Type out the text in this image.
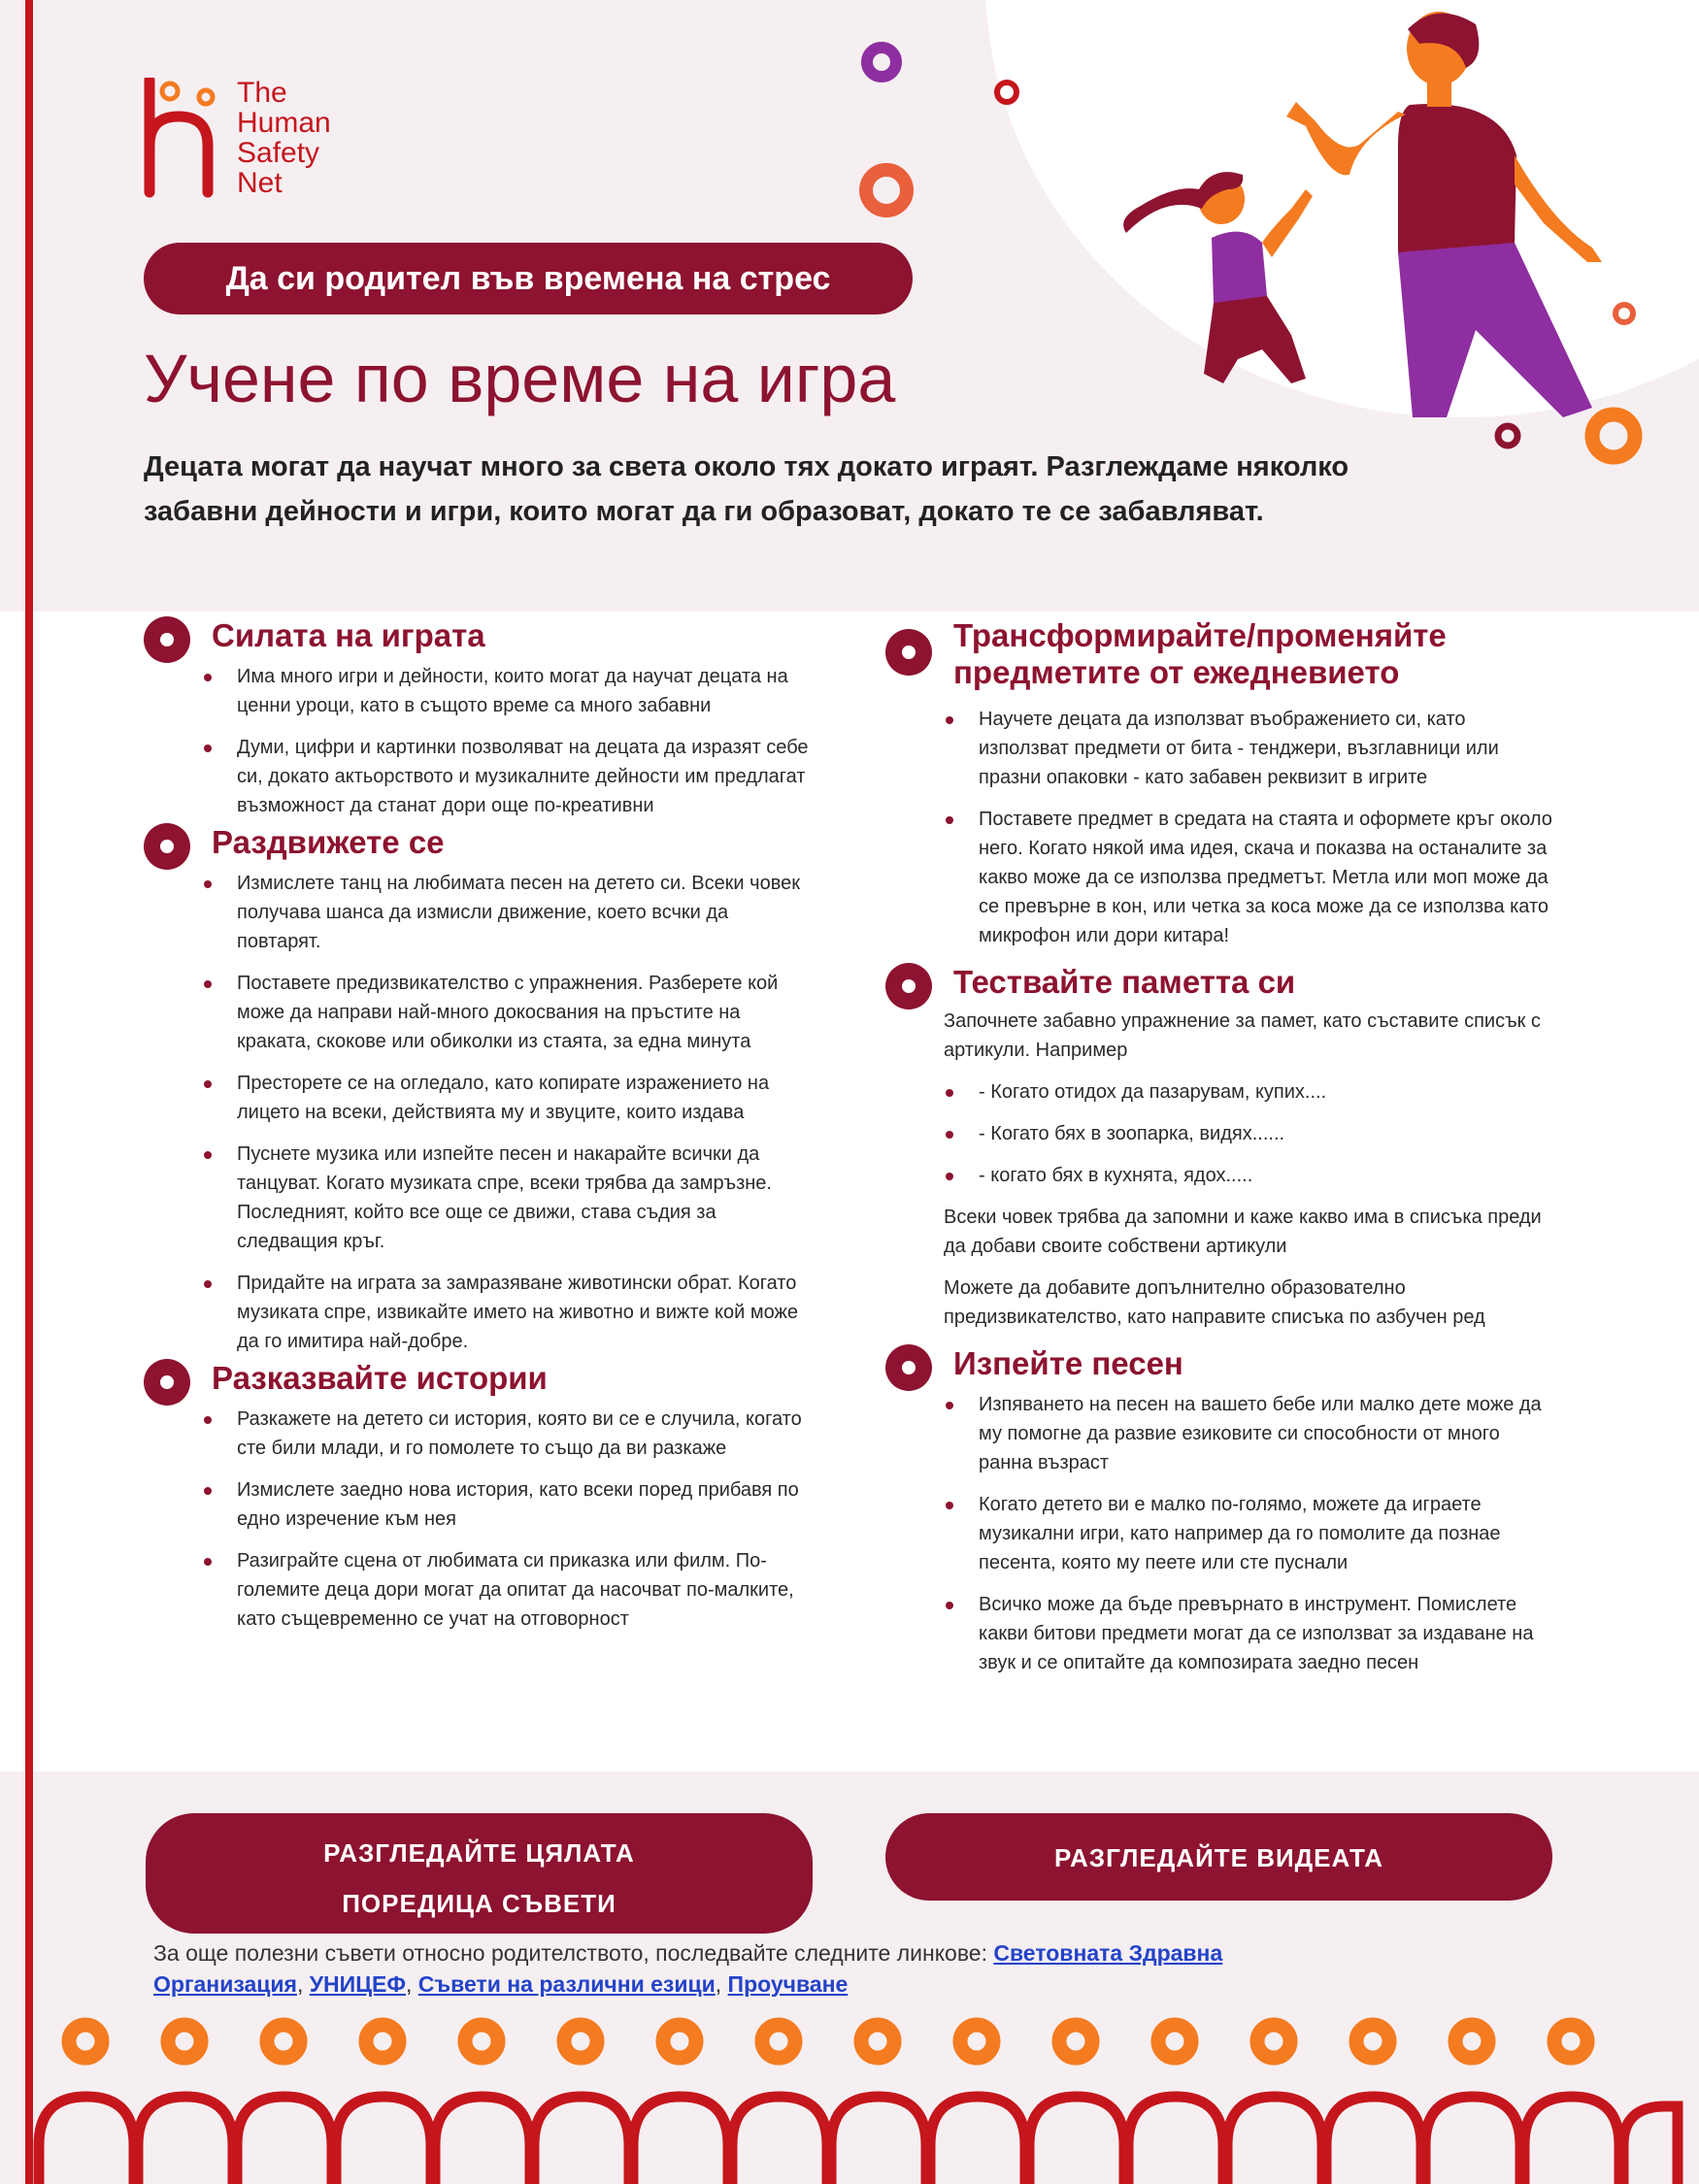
The
Human
Safety
Net
Да си родител във времена на стрес
Учене по време на игра

Децата могат да научат много за света около тях докато играят. Разглеждаме няколко забавни дейности и игри, които могат да ги образоват, докато те се забавляват.

Силата на играта
Има много игри и дейности, които могат да научат децата на ценни уроци, като в същото време са много забавни
Думи, цифри и картинки позволяват на децата да изразят себе си, докато актьорството и музикалните дейности им предлагат възможност да станат дори още по-креативни
Раздвижете се
Измислете танц на любимата песен на детето си. Всеки човек получава шанса да измисли движение, което всчки да повтарят.
Поставете предизвикателство с упражнения. Разберете кой може да направи най-много докосвания на пръстите на краката, скокове или обиколки из стаята, за една минута
Престорете се на огледало, като копирате изражението на лицето на всеки, действията му и звуците, които издава
Пуснете музика или изпейте песен и накарайте всички да танцуват. Когато музиката спре, всеки трябва да замръзне. Последният, който все още се движи, става съдия за следващия кръг.
Придайте на играта за замразяване животински обрат. Когато музиката спре, извикайте името на животно и вижте кой може да го имитира най-добре.
Разказвайте истории
Разкажете на детето си история, която ви се е случила, когато сте били млади, и го помолете то също да ви разкаже
Измислете заедно нова история, като всеки поред прибавя по едно изречение към нея
Разиграйте сцена от любимата си приказка или филм. По-големите деца дори могат да опитат да насочват по-малките, като същевременно се учат на отговорност
Трансформирайте/променяйте предметите от ежедневието
Научете децата да използват въображението си, като използват предмети от бита - тенджери, възглавници или празни опаковки - като забавен реквизит в игрите
Поставете предмет в средата на стаята и оформете кръг около него. Когато някой има идея, скача и показва на останалите за какво може да се използва предметът. Метла или моп може да се превърне в кон, или четка за коса може да се използва като микрофон или дори китара!
Тествайте паметта си

Започнете забавно упражнение за памет, като съставите списък с артикули. Например

- Когато отидох да пазарувам, купих....
- Когато бях в зоопарка, видях......
- когато бях в кухнята, ядох.....

Всеки човек трябва да запомни и каже какво има в списъка преди да добави своите собствени артикули

Можете да добавите допълнително образователно предизвикателство, като направите списъка по азбучен ред

Изпейте песен
Изпяването на песен на вашето бебе или малко дете може да му помогне да развие езиковите си способности от много ранна възраст
Когато детето ви е малко по-голямо, можете да играете музикални игри, като например да го помолите да познае песента, която му пеете или сте пуснали
Всичко може да бъде превърнато в инструмент. Помислете какви битови предмети могат да се използват за издаване на звук и се опитайте да композирата заедно песен
РАЗГЛЕДАЙТЕ ЦЯЛАТА
ПОРЕДИЦА СЪВЕТИ
РАЗГЛЕДАЙТЕ ВИДЕАТА
За още полезни съвети относно родителството, последвайте следните линкове: Световната Здравна Организация, УНИЦЕФ, Съвети на различни езици, Проучване
